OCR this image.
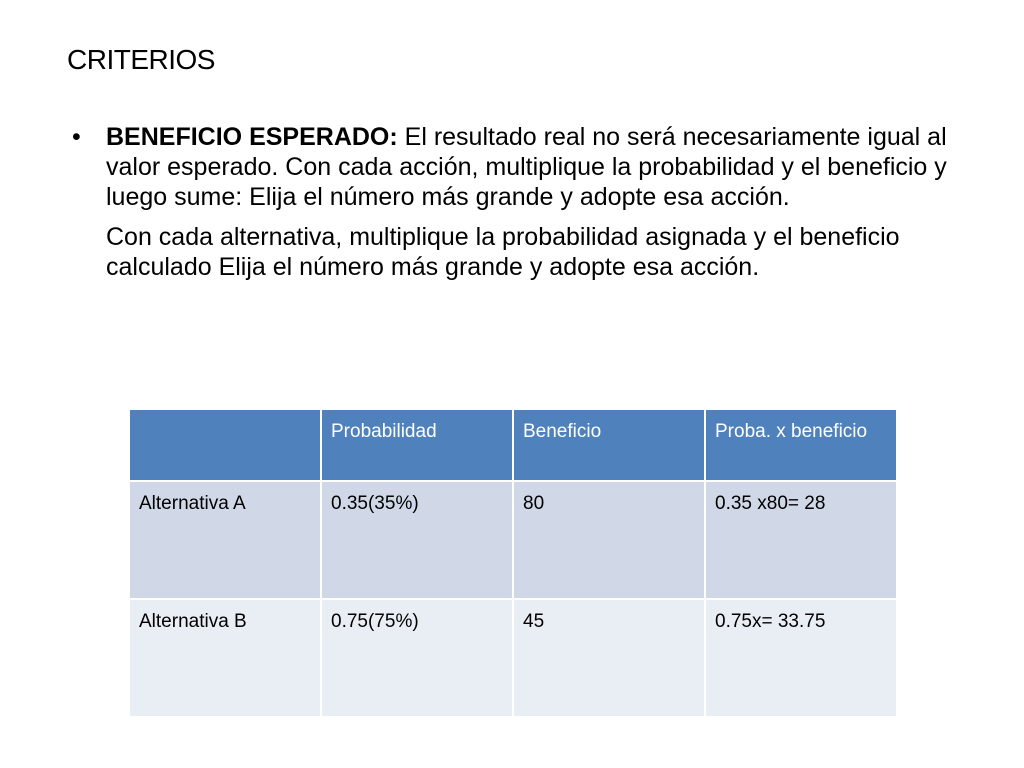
CRITERIOS
•	BENEFICIO ESPERADO: El resultado real no será necesariamente igual al valor esperado. Con cada acción, multiplique la probabilidad y el beneficio y luego sume: Elija el número más grande y adopte esa acción.
Con cada alternativa, multiplique la probabilidad asignada y el beneficiocalculado Elija el número más grande y adopte esa acción.
	Probabilidad	Beneficio	Proba. x beneficio
Alternativa A	0.35(35%)	80	0.35 x80= 28
Alternativa B	0.75(75%)	45	0.75x= 33.75
